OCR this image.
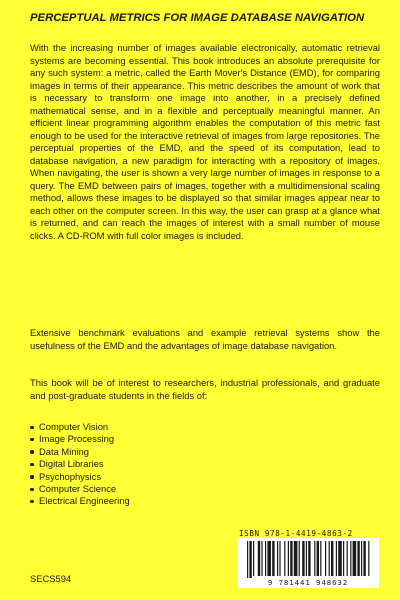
PERCEPTUAL METRICS FOR IMAGE DATABASE NAVIGATION

With the increasing number of images available electronically, automatic retrieval systems are becoming essential. This book introduces an absolute prerequisite for any such system: a metric, called the Earth Mover's Distance (EMD), for comparing images in terms of their appearance. This metric describes the amount of work that is necessary to transform one image into another, in a precisely defined mathematical sense, and in a flexible and perceptually meaningful manner. An efficient linear programming algorithm enables the computation of this metric fast enough to be used for the interactive retrieval of images from large repositories. The perceptual properties of the EMD, and the speed of its computation, lead to database navigation, a new paradigm for interacting with a repository of images. When navigating, the user is shown a very large number of images in response to a query. The EMD between pairs of images, together with a multidimensional scaling method, allows these images to be displayed so that similar images appear near to each other on the computer screen. In this way, the user can grasp at a glance what is returned, and can reach the images of interest with a small number of mouse clicks. A CD-ROM with full color images is included.

Extensive benchmark evaluations and example retrieval systems show the usefulness of the EMD and the advantages of image database navigation.

This book will be of interest to researchers, industrial professionals, and graduate and post-graduate students in the fields of:

Computer Vision
Image Processing
Data Mining
Digital Libraries
Psychophysics
Computer Science
Electrical Engineering
ISBN 978-1-4419-4863-2
9 781441 948632
SECS594
